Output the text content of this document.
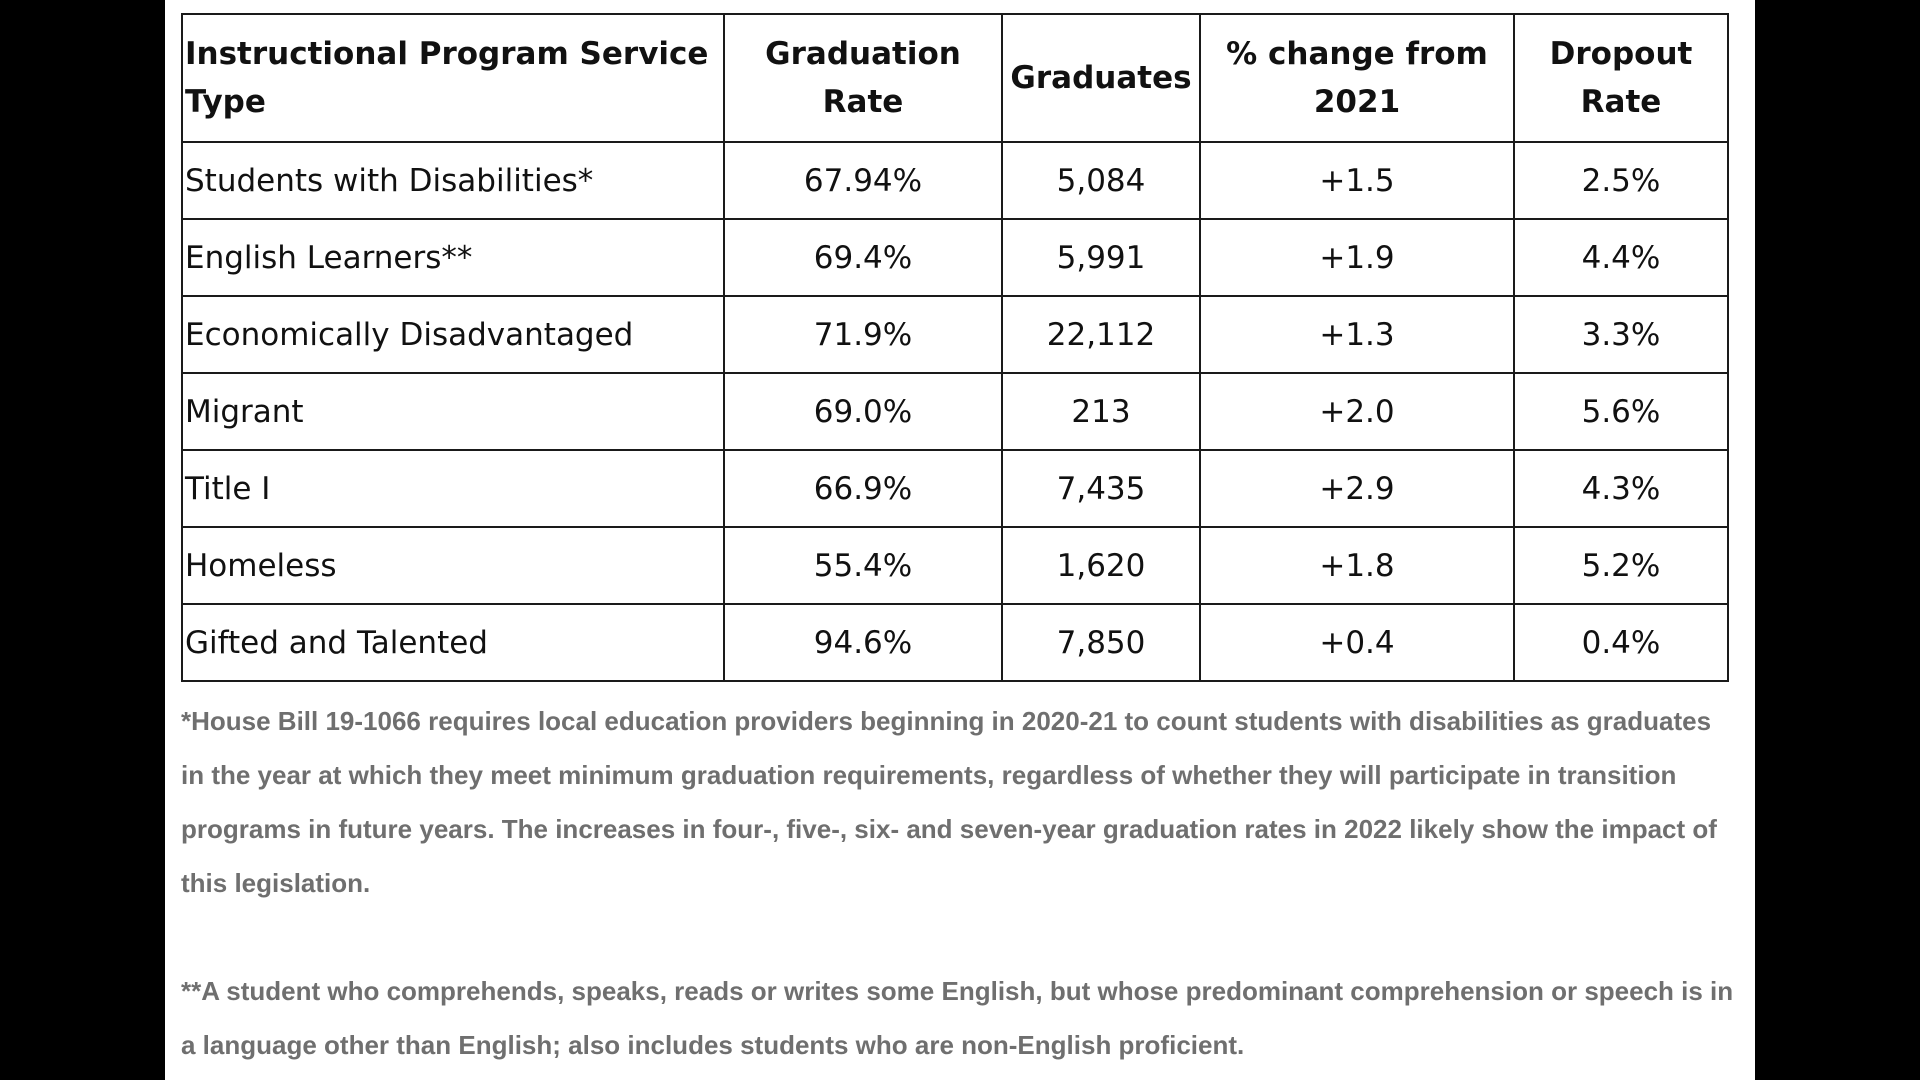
Instructional Program Service Type	Graduation Rate	Graduates	% change from 2021	Dropout Rate
Students with Disabilities*	67.94%	5,084	+1.5	2.5%
English Learners**	69.4%	5,991	+1.9	4.4%
Economically Disadvantaged	71.9%	22,112	+1.3	3.3%
Migrant	69.0%	213	+2.0	5.6%
Title I	66.9%	7,435	+2.9	4.3%
Homeless	55.4%	1,620	+1.8	5.2%
Gifted and Talented	94.6%	7,850	+0.4	0.4%

*House Bill 19-1066 requires local education providers beginning in 2020-21 to count students with disabilities as graduates in the year at which they meet minimum graduation requirements, regardless of whether they will participate in transition programs in future years. The increases in four-, five-, six- and seven-year graduation rates in 2022 likely show the impact of this legislation.

**A student who comprehends, speaks, reads or writes some English, but whose predominant comprehension or speech is in a language other than English; also includes students who are non-English proficient.
